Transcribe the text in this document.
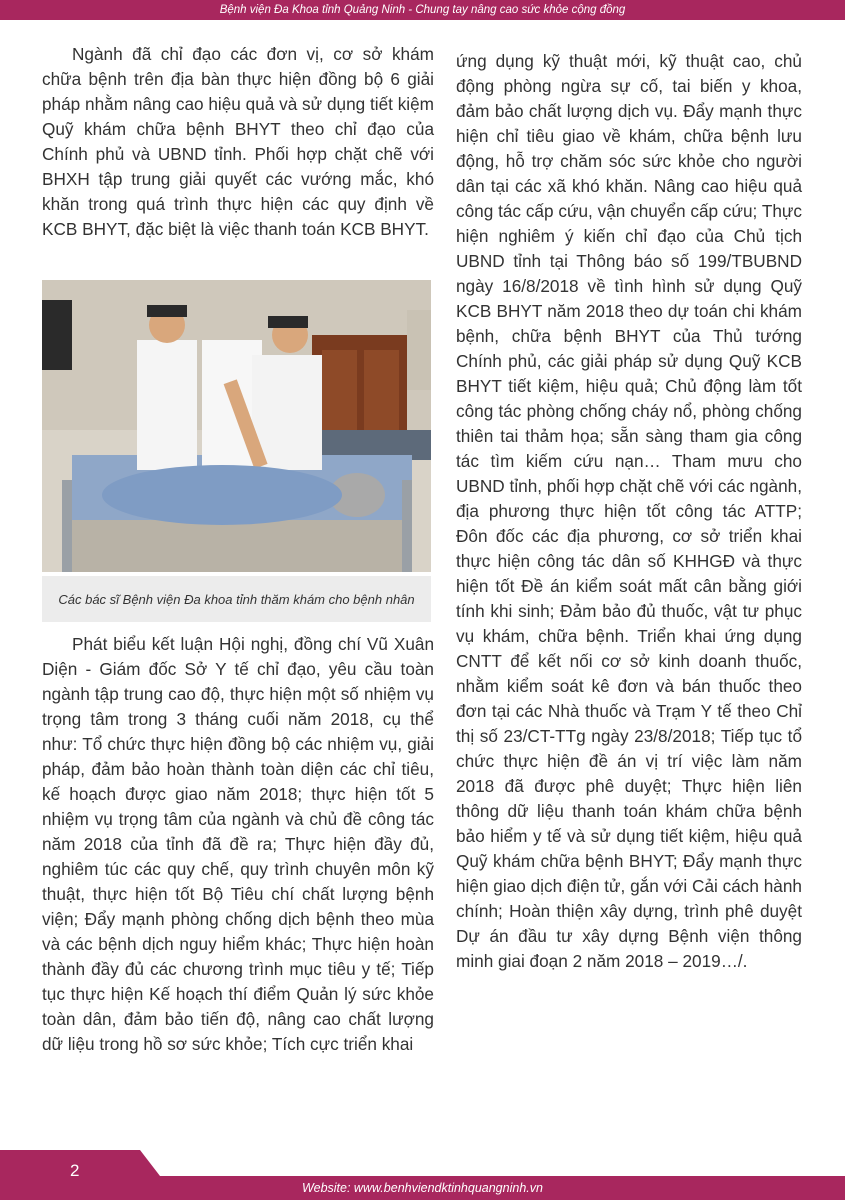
Bệnh viện Đa Khoa tỉnh Quảng Ninh - Chung tay nâng cao sức khỏe cộng đồng

Ngành đã chỉ đạo các đơn vị, cơ sở khám chữa bệnh trên địa bàn thực hiện đồng bộ 6 giải pháp nhằm nâng cao hiệu quả và sử dụng tiết kiệm Quỹ khám chữa bệnh BHYT theo chỉ đạo của Chính phủ và UBND tỉnh. Phối hợp chặt chẽ với BHXH tập trung giải quyết các vướng mắc, khó khăn trong quá trình thực hiện các quy định về KCB BHYT, đặc biệt là việc thanh toán KCB BHYT.

Các bác sĩ Bệnh viện Đa khoa tỉnh thăm khám cho bệnh nhân

Phát biểu kết luận Hội nghị, đồng chí Vũ Xuân Diện - Giám đốc Sở Y tế chỉ đạo, yêu cầu toàn ngành tập trung cao độ, thực hiện một số nhiệm vụ trọng tâm trong 3 tháng cuối năm 2018, cụ thể như: Tổ chức thực hiện đồng bộ các nhiệm vụ, giải pháp, đảm bảo hoàn thành toàn diện các chỉ tiêu, kế hoạch được giao năm 2018; thực hiện tốt 5 nhiệm vụ trọng tâm của ngành và chủ đề công tác năm 2018 của tỉnh đã đề ra; Thực hiện đầy đủ, nghiêm túc các quy chế, quy trình chuyên môn kỹ thuật, thực hiện tốt Bộ Tiêu chí chất lượng bệnh viện; Đẩy mạnh phòng chống dịch bệnh theo mùa và các bệnh dịch nguy hiểm khác; Thực hiện hoàn thành đầy đủ các chương trình mục tiêu y tế; Tiếp tục thực hiện Kế hoạch thí điểm Quản lý sức khỏe toàn dân, đảm bảo tiến độ, nâng cao chất lượng dữ liệu trong hồ sơ sức khỏe; Tích cực triển khai

ứng dụng kỹ thuật mới, kỹ thuật cao, chủ động phòng ngừa sự cố, tai biến y khoa, đảm bảo chất lượng dịch vụ. Đẩy mạnh thực hiện chỉ tiêu giao về khám, chữa bệnh lưu động, hỗ trợ chăm sóc sức khỏe cho người dân tại các xã khó khăn. Nâng cao hiệu quả công tác cấp cứu, vận chuyển cấp cứu; Thực hiện nghiêm ý kiến chỉ đạo của Chủ tịch UBND tỉnh tại Thông báo số 199/TBUBND ngày 16/8/2018 về tình hình sử dụng Quỹ KCB BHYT năm 2018 theo dự toán chi khám bệnh, chữa bệnh BHYT của Thủ tướng Chính phủ, các giải pháp sử dụng Quỹ KCB BHYT tiết kiệm, hiệu quả; Chủ động làm tốt công tác phòng chống cháy nổ, phòng chống thiên tai thảm họa; sẵn sàng tham gia công tác tìm kiếm cứu nạn… Tham mưu cho UBND tỉnh, phối hợp chặt chẽ với các ngành, địa phương thực hiện tốt công tác ATTP; Đôn đốc các địa phương, cơ sở triển khai thực hiện công tác dân số KHHGĐ và thực hiện tốt Đề án kiểm soát mất cân bằng giới tính khi sinh; Đảm bảo đủ thuốc, vật tư phục vụ khám, chữa bệnh. Triển khai ứng dụng CNTT để kết nối cơ sở kinh doanh thuốc, nhằm kiểm soát kê đơn và bán thuốc theo đơn tại các Nhà thuốc và Trạm Y tế theo Chỉ thị số 23/CT-TTg ngày 23/8/2018; Tiếp tục tổ chức thực hiện đề án vị trí việc làm năm 2018 đã được phê duyệt; Thực hiện liên thông dữ liệu thanh toán khám chữa bệnh bảo hiểm y tế và sử dụng tiết kiệm, hiệu quả Quỹ khám chữa bệnh BHYT; Đẩy mạnh thực hiện giao dịch điện tử, gắn với Cải cách hành chính; Hoàn thiện xây dựng, trình phê duyệt Dự án đầu tư xây dựng Bệnh viện thông minh giai đoạn 2 năm 2018 – 2019…/.

2
Website: www.benhviendktinhquangninh.vn
